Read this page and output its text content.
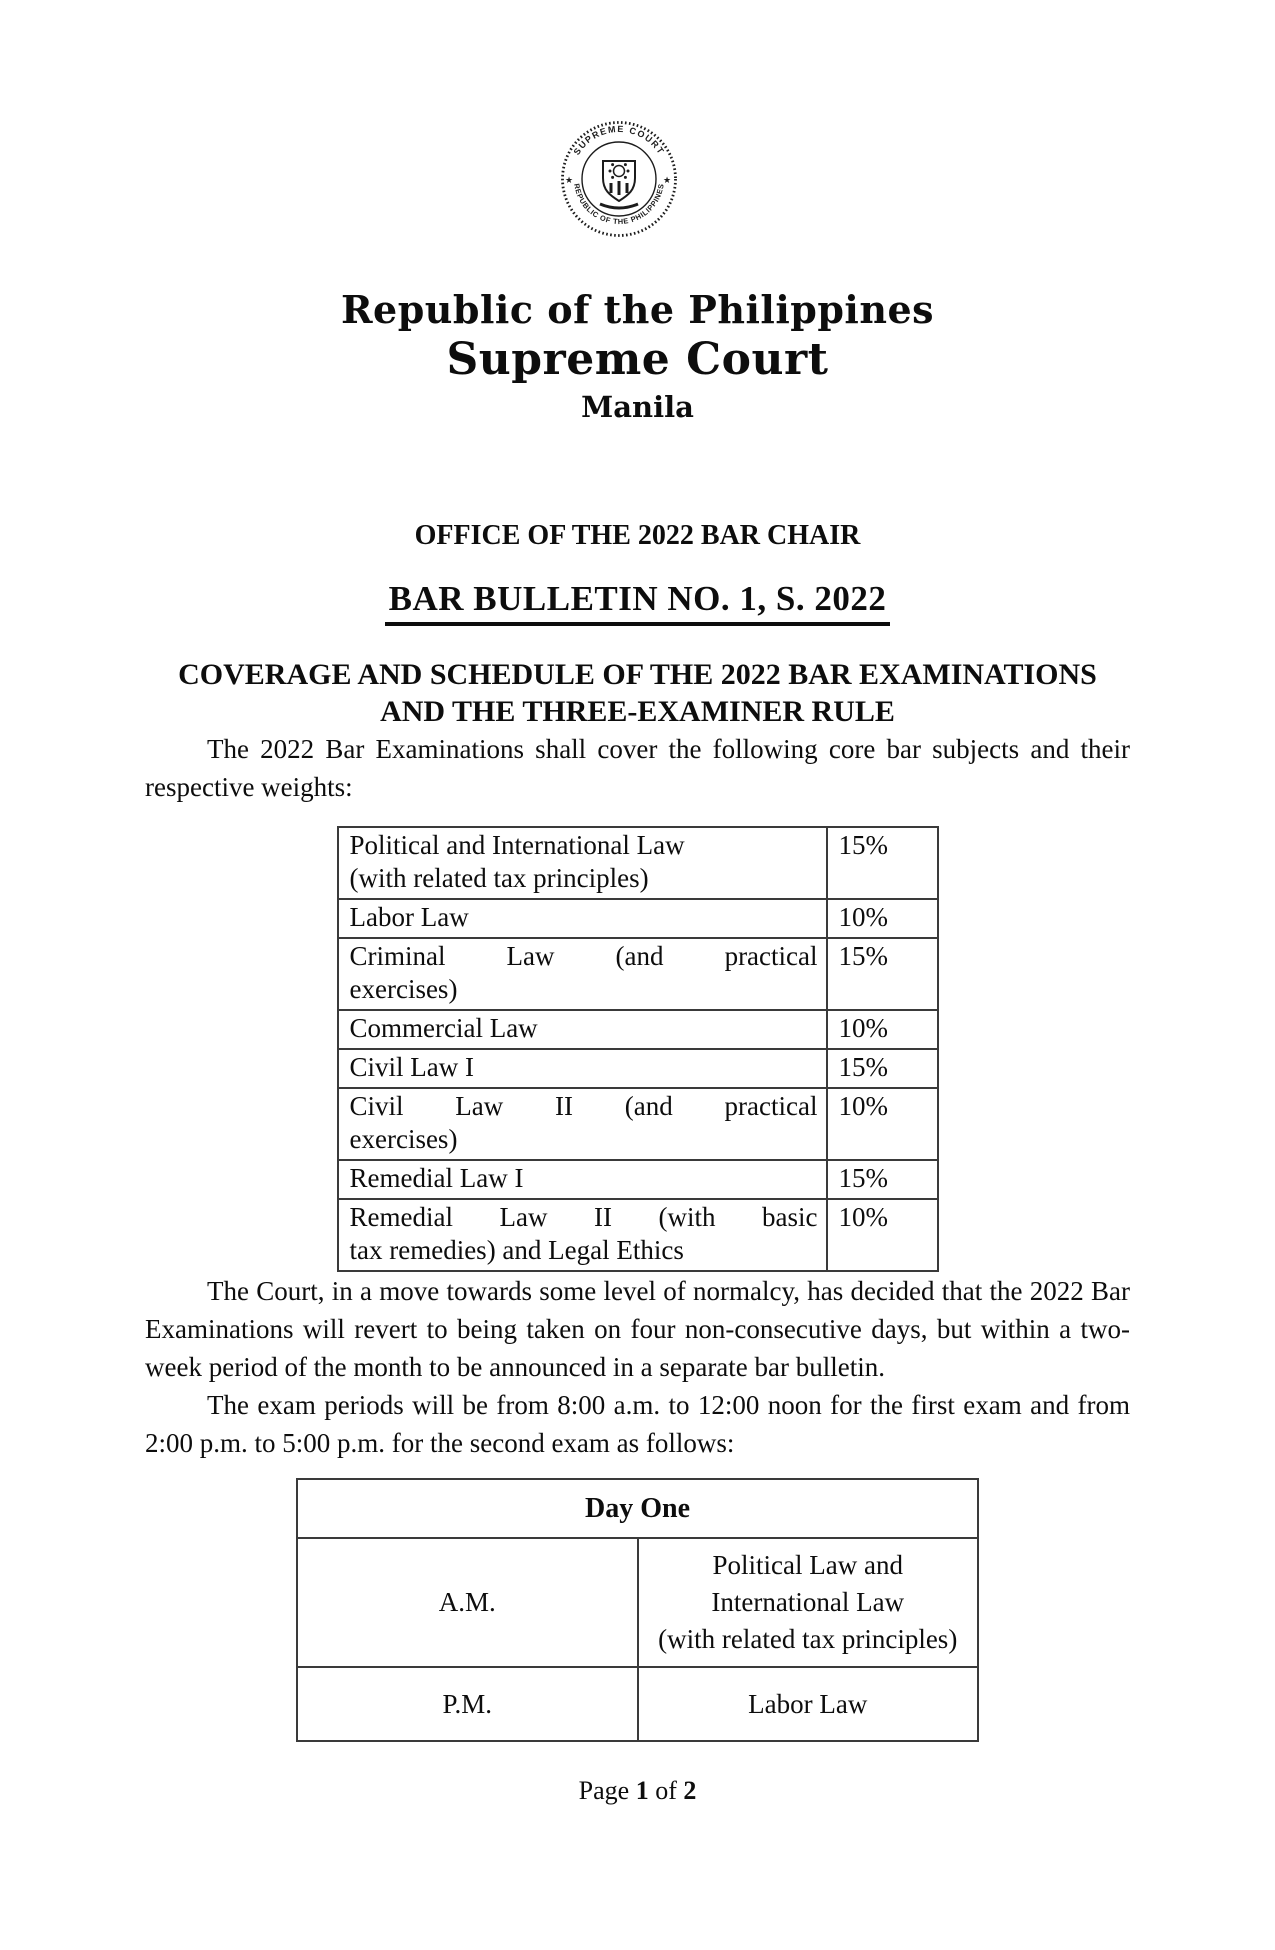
SUPREME COURT
REPUBLIC OF THE PHILIPPINES
★	★
Republic of the Philippines
Supreme Court
Manila
OFFICE OF THE 2022 BAR CHAIR
BAR BULLETIN NO. 1, S. 2022
COVERAGE AND SCHEDULE OF THE 2022 BAR EXAMINATIONS
AND THE THREE-EXAMINER RULE

The 2022 Bar Examinations shall cover the following core bar subjects and their respective weights:

Political and International Law
(with related tax principles)	15%

Labor Law	10%

Criminal Law (and practical
exercises)	15%

Commercial Law	10%

Civil Law I	15%

Civil Law II (and practical
exercises)	10%

Remedial Law I	15%

Remedial Law II (with basic
tax remedies) and Legal Ethics	10%

The Court, in a move towards some level of normalcy, has decided that the 2022 Bar Examinations will revert to being taken on four non-consecutive days, but within a two-week period of the month to be announced in a separate bar bulletin.

The exam periods will be from 8:00 a.m. to 12:00 noon for the first exam and from 2:00 p.m. to 5:00 p.m. for the second exam as follows:

Day One	
A.M.	Political Law and International Law
(with related tax principles)
P.M.	Labor Law
Page 1 of 2
